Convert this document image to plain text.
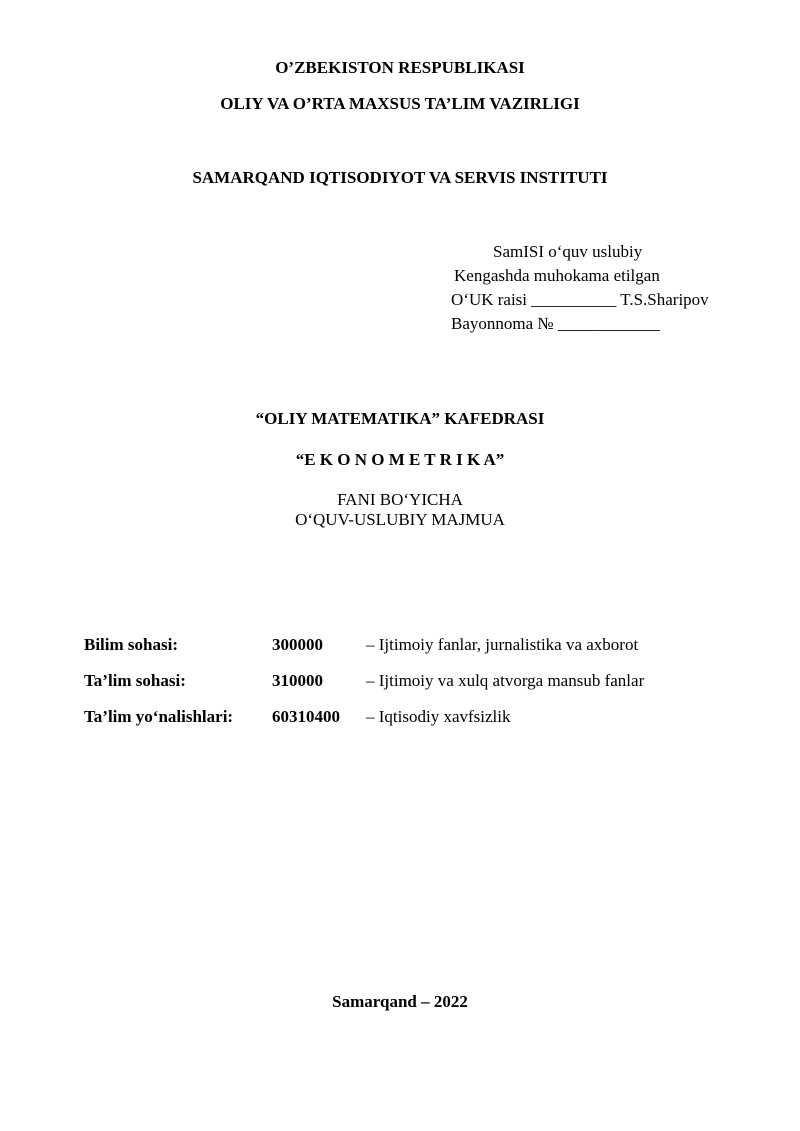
O’ZBEKISTON RESPUBLIKASI
OLIY VA O’RTA MAXSUS TA’LIM VAZIRLIGI
SAMARQAND IQTISODIYOT VA SERVIS INSTITUTI
SamISI o‘quv uslubiy
Kengashda muhokama etilgan
O‘UK raisi __________ T.S.Sharipov
Bayonnoma № ____________
“OLIY MATEMATIKA” KAFEDRASI
“E K O N O M E T R I K A”
FANI BO‘YICHA
O‘QUV-USLUBIY MAJMUA
Bilim sohasi:	300000	– Ijtimoiy fanlar, jurnalistika va axborot
Ta’lim sohasi:	310000	– Ijtimoiy va xulq atvorga mansub fanlar
Ta’lim yo‘nalishlari:	60310400	– Iqtisodiy xavfsizlik
Samarqand – 2022
